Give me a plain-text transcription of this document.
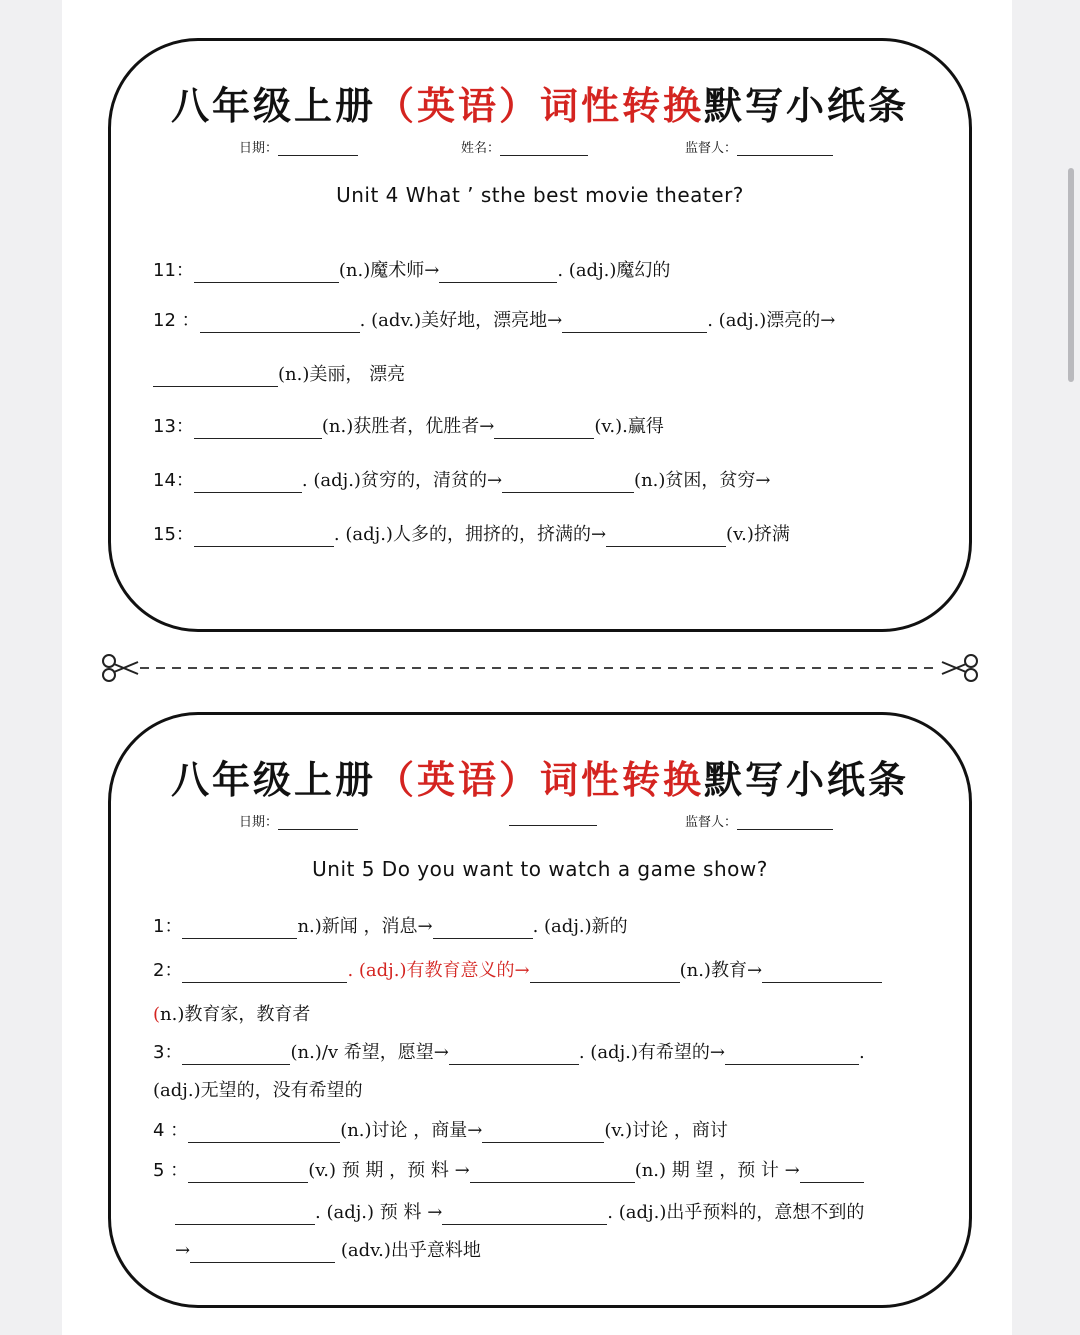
八年级上册（英语）词性转换默写小纸条
日期：	姓名：	监督人：
Unit 4 What ’ sthe best movie theater?
11：	(n.)魔术师→	. (adj.)魔幻的
12 ：	. (adv.)美好地，漂亮地→	. (adj.)漂亮的→
(n.)美丽， 漂亮
13：	(n.)获胜者，优胜者→	(v.).赢得
14：	. (adj.)贫穷的，清贫的→	(n.)贫困，贫穷→
15：	. (adj.)人多的，拥挤的，挤满的→	(v.)挤满
八年级上册（英语）词性转换默写小纸条
日期：	监督人：
Unit 5 Do you want to watch a game show?
1：	n.)新闻 ，消息→	. (adj.)新的
2：	. (adj.)有教育意义的→	(n.)教育→
(n.)教育家，教育者
3：	(n.)/v 希望，愿望→	. (adj.)有希望的→	.
(adj.)无望的，没有希望的
4 ：	(n.)讨论 ，商量→	(v.)讨论 ，商讨
5 ：	(v.) 预 期 ，预 料 →	(n.) 期 望 ，预 计 →
. (adj.) 预 料 →	. (adj.)出乎预料的，意想不到的
→	(adv.)出乎意料地
